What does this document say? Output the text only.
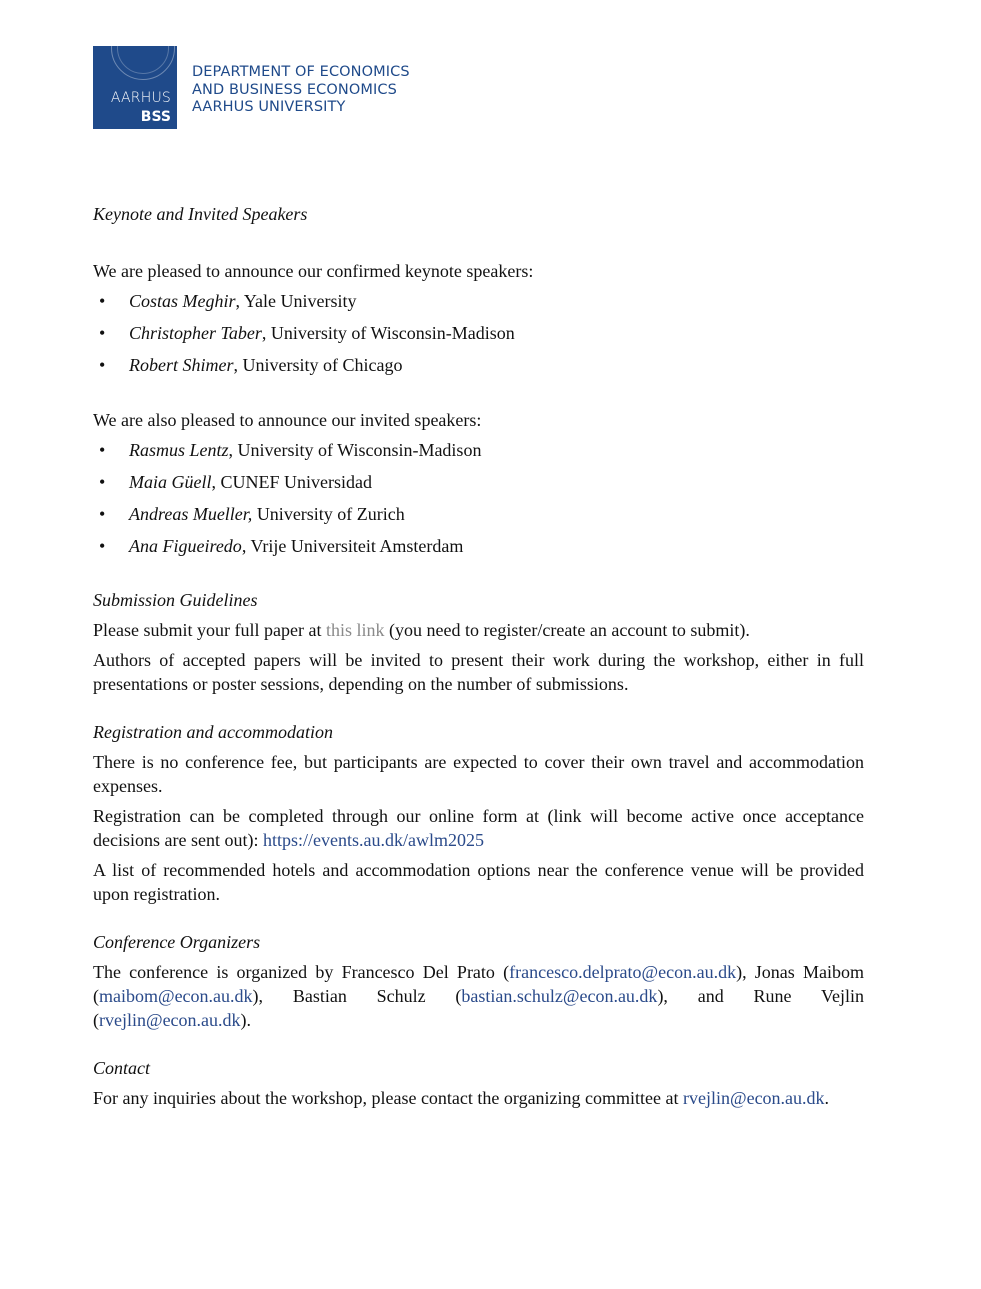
AARHUS
BSS
DEPARTMENT OF ECONOMICS
AND BUSINESS ECONOMICS
AARHUS UNIVERSITY

Keynote and Invited Speakers

We are pleased to announce our confirmed keynote speakers:

• Costas Meghir, Yale University
• Christopher Taber, University of Wisconsin-Madison
• Robert Shimer, University of Chicago

We are also pleased to announce our invited speakers:

• Rasmus Lentz, University of Wisconsin-Madison
• Maia Güell, CUNEF Universidad
• Andreas Mueller, University of Zurich
• Ana Figueiredo, Vrije Universiteit Amsterdam

Submission Guidelines

Please submit your full paper at this link (you need to register/create an account to submit).

Authors of accepted papers will be invited to present their work during the workshop, either in full presentations or poster sessions, depending on the number of submissions.

Registration and accommodation

There is no conference fee, but participants are expected to cover their own travel and accommodation expenses.

Registration can be completed through our online form at (link will become active once acceptance decisions are sent out): https://events.au.dk/awlm2025

A list of recommended hotels and accommodation options near the conference venue will be provided upon registration.

Conference Organizers

The conference is organized by Francesco Del Prato (francesco.delprato@econ.au.dk), Jonas Maibom (maibom@econ.au.dk), Bastian Schulz (bastian.schulz@econ.au.dk), and Rune Vejlin (rvejlin@econ.au.dk).

Contact

For any inquiries about the workshop, please contact the organizing committee at rvejlin@econ.au.dk.
